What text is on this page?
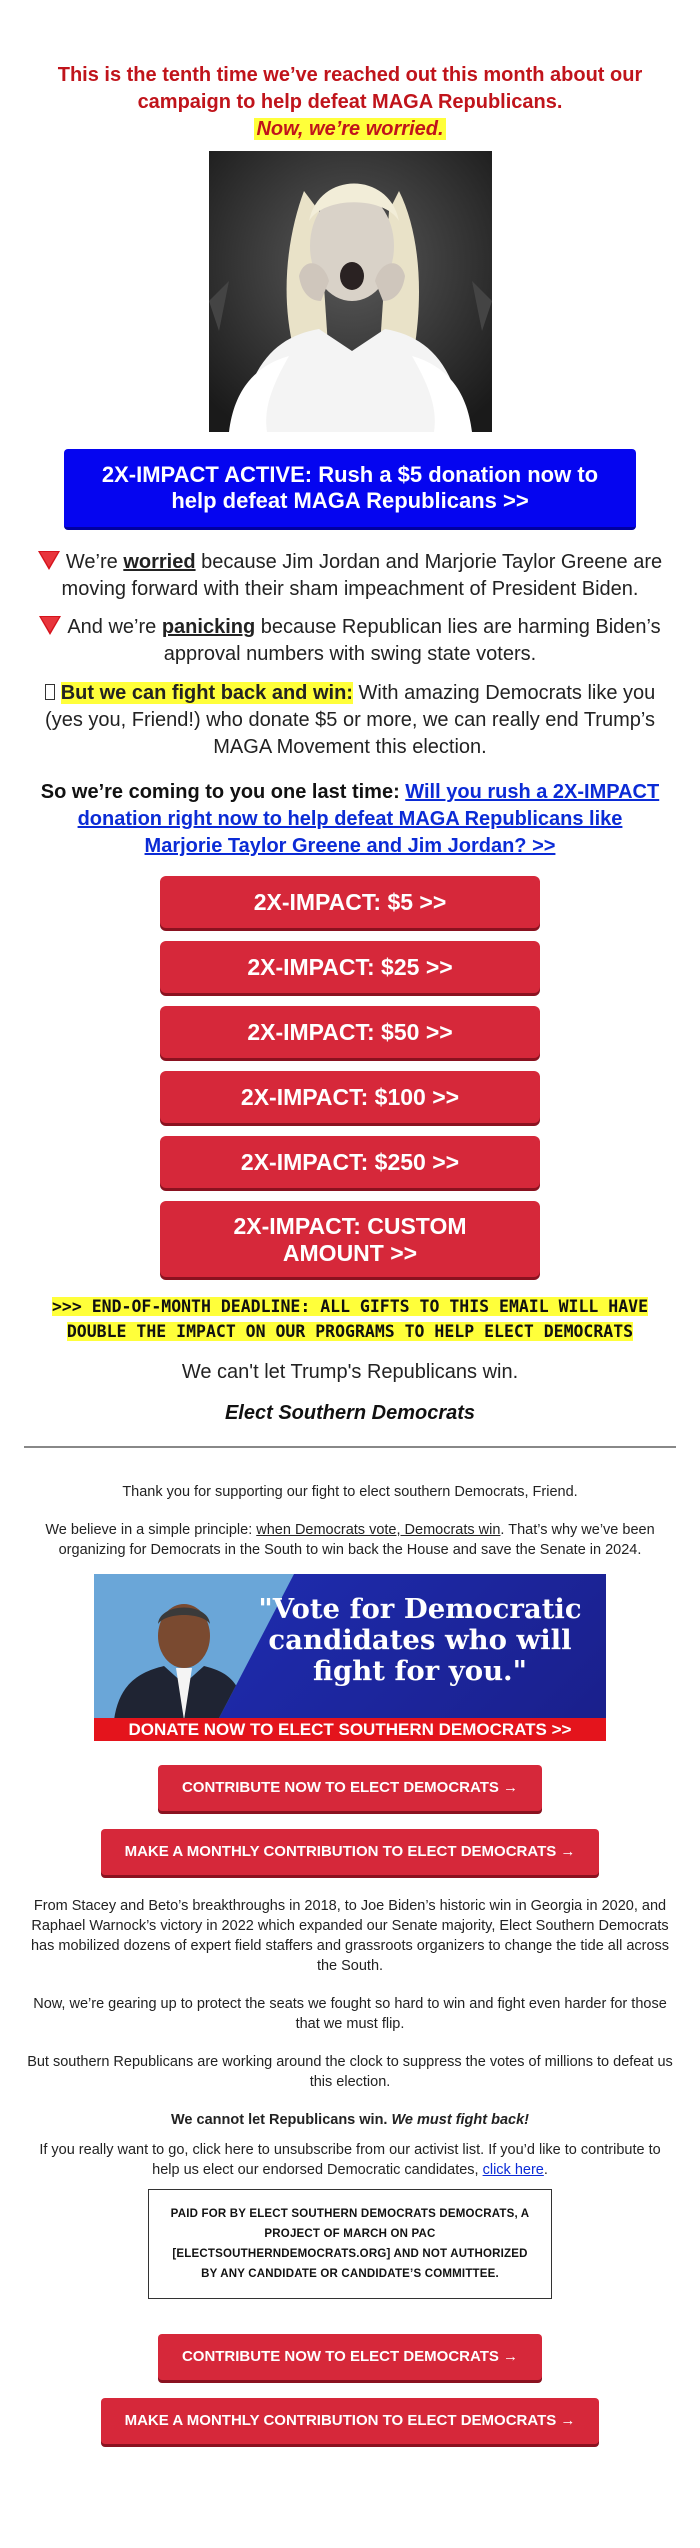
This is the tenth time we’ve reached out this month about our campaign to help defeat MAGA Republicans.

Now, we’re worried.
2X-IMPACT ACTIVE: Rush a $5 donation now to help defeat MAGA Republicans >>

We’re worried because Jim Jordan and Marjorie Taylor Greene are moving forward with their sham impeachment of President Biden.

And we’re panicking because Republican lies are harming Biden’s approval numbers with swing state voters.

But we can fight back and win: With amazing Democrats like you (yes you, Friend!) who donate $5 or more, we can really end Trump’s MAGA Movement this election.

So we’re coming to you one last time: Will you rush a 2X-IMPACT donation right now to help defeat MAGA Republicans like Marjorie Taylor Greene and Jim Jordan? >>

2X-IMPACT: $5 >>
2X-IMPACT: $25 >>
2X-IMPACT: $50 >>
2X-IMPACT: $100 >>
2X-IMPACT: $250 >>
2X-IMPACT: CUSTOM AMOUNT >>

>>> END-OF-MONTH DEADLINE: ALL GIFTS TO THIS EMAIL WILL HAVE DOUBLE THE IMPACT ON OUR PROGRAMS TO HELP ELECT DEMOCRATS

We can't let Trump's Republicans win.

Elect Southern Democrats

Thank you for supporting our fight to elect southern Democrats, Friend.

We believe in a simple principle: when Democrats vote, Democrats win. That’s why we’ve been organizing for Democrats in the South to win back the House and save the Senate in 2024.

"Vote for Democratic candidates who will fight for you."
DONATE NOW TO ELECT SOUTHERN DEMOCRATS >>
CONTRIBUTE NOW TO ELECT DEMOCRATS →
MAKE A MONTHLY CONTRIBUTION TO ELECT DEMOCRATS →

From Stacey and Beto’s breakthroughs in 2018, to Joe Biden’s historic win in Georgia in 2020, and Raphael Warnock’s victory in 2022 which expanded our Senate majority, Elect Southern Democrats has mobilized dozens of expert field staffers and grassroots organizers to change the tide all across the South.

Now, we’re gearing up to protect the seats we fought so hard to win and fight even harder for those that we must flip.

But southern Republicans are working around the clock to suppress the votes of millions to defeat us this election.

We cannot let Republicans win. We must fight back!

If you really want to go, click here to unsubscribe from our activist list. If you’d like to contribute to help us elect our endorsed Democratic candidates, click here.

PAID FOR BY ELECT SOUTHERN DEMOCRATS DEMOCRATS, A PROJECT OF MARCH ON PAC [ELECTSOUTHERNDEMOCRATS.ORG] AND NOT AUTHORIZED BY ANY CANDIDATE OR CANDIDATE’S COMMITTEE.
CONTRIBUTE NOW TO ELECT DEMOCRATS →
MAKE A MONTHLY CONTRIBUTION TO ELECT DEMOCRATS →
